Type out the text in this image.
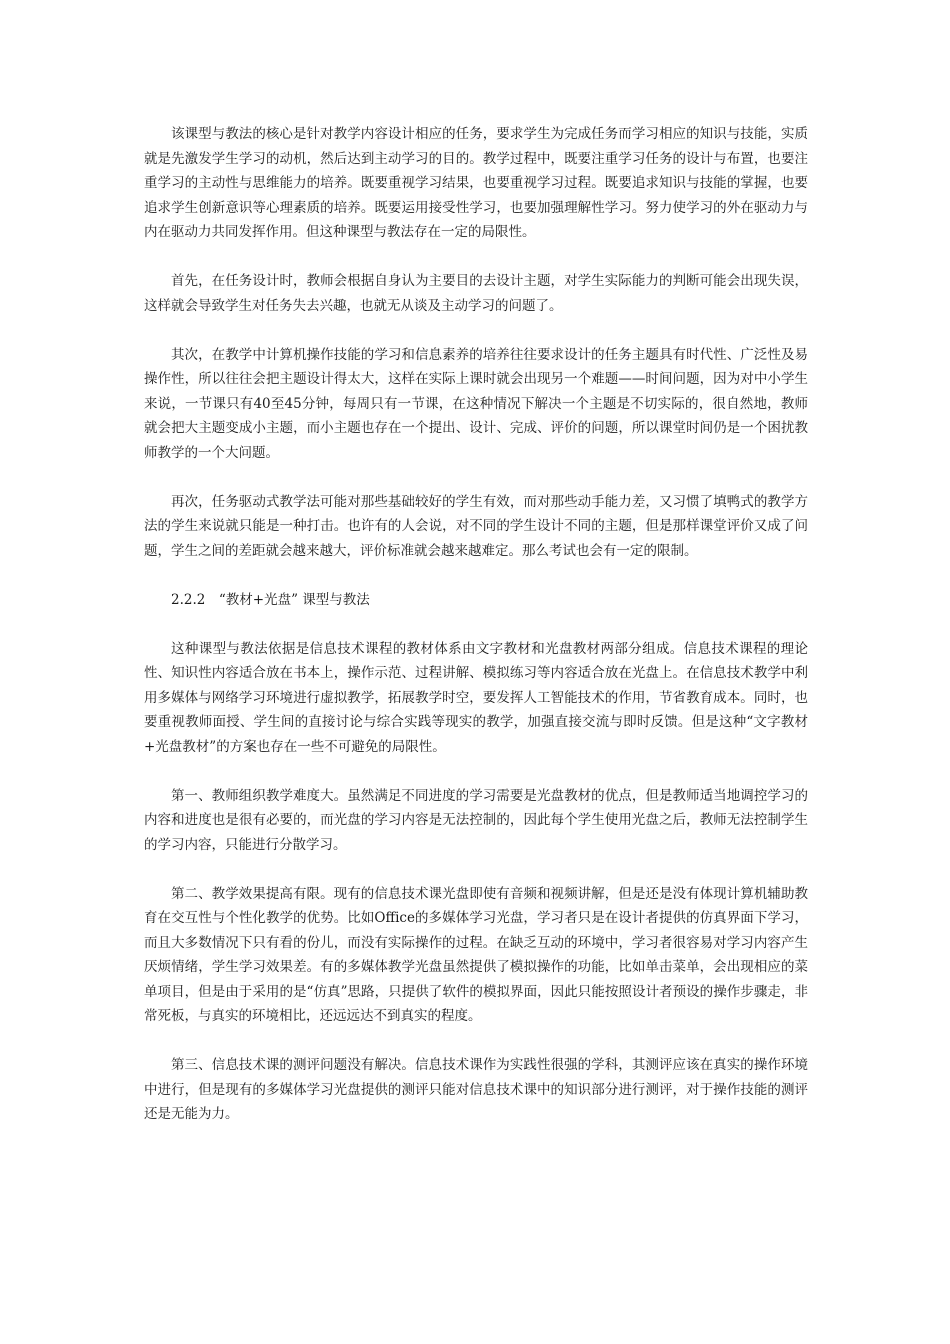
该课型与教法的核心是针对教学内容设计相应的任务，要求学生为完成任务而学习相应的知识与技能，实质就是先激发学生学习的动机，然后达到主动学习的目的。教学过程中，既要注重学习任务的设计与布置，也要注重学习的主动性与思维能力的培养。既要重视学习结果，也要重视学习过程。既要追求知识与技能的掌握，也要追求学生创新意识等心理素质的培养。既要运用接受性学习，也要加强理解性学习。努力使学习的外在驱动力与内在驱动力共同发挥作用。但这种课型与教法存在一定的局限性。

首先，在任务设计时，教师会根据自身认为主要目的去设计主题，对学生实际能力的判断可能会出现失误，这样就会导致学生对任务失去兴趣，也就无从谈及主动学习的问题了。

其次，在教学中计算机操作技能的学习和信息素养的培养往往要求设计的任务主题具有时代性、广泛性及易操作性，所以往往会把主题设计得太大，这样在实际上课时就会出现另一个难题——时间问题，因为对中小学生来说，一节课只有40至45分钟，每周只有一节课，在这种情况下解决一个主题是不切实际的，很自然地，教师就会把大主题变成小主题，而小主题也存在一个提出、设计、完成、评价的问题，所以课堂时间仍是一个困扰教师教学的一个大问题。

再次，任务驱动式教学法可能对那些基础较好的学生有效，而对那些动手能力差，又习惯了填鸭式的教学方法的学生来说就只能是一种打击。也许有的人会说，对不同的学生设计不同的主题，但是那样课堂评价又成了问题，学生之间的差距就会越来越大，评价标准就会越来越难定。那么考试也会有一定的限制。

2.2.2　“教材+光盘” 课型与教法

这种课型与教法依据是信息技术课程的教材体系由文字教材和光盘教材两部分组成。信息技术课程的理论性、知识性内容适合放在书本上，操作示范、过程讲解、模拟练习等内容适合放在光盘上。在信息技术教学中利用多媒体与网络学习环境进行虚拟教学，拓展教学时空，要发挥人工智能技术的作用，节省教育成本。同时，也要重视教师面授、学生间的直接讨论与综合实践等现实的教学，加强直接交流与即时反馈。但是这种“文字教材+光盘教材”的方案也存在一些不可避免的局限性。

第一、教师组织教学难度大。虽然满足不同进度的学习需要是光盘教材的优点，但是教师适当地调控学习的内容和进度也是很有必要的，而光盘的学习内容是无法控制的，因此每个学生使用光盘之后，教师无法控制学生的学习内容，只能进行分散学习。

第二、教学效果提高有限。现有的信息技术课光盘即使有音频和视频讲解，但是还是没有体现计算机辅助教育在交互性与个性化教学的优势。比如Office的多媒体学习光盘，学习者只是在设计者提供的仿真界面下学习，而且大多数情况下只有看的份儿，而没有实际操作的过程。在缺乏互动的环境中，学习者很容易对学习内容产生厌烦情绪，学生学习效果差。有的多媒体教学光盘虽然提供了模拟操作的功能，比如单击菜单，会出现相应的菜单项目，但是由于采用的是“仿真”思路，只提供了软件的模拟界面，因此只能按照设计者预设的操作步骤走，非常死板，与真实的环境相比，还远远达不到真实的程度。

第三、信息技术课的测评问题没有解决。信息技术课作为实践性很强的学科，其测评应该在真实的操作环境中进行，但是现有的多媒体学习光盘提供的测评只能对信息技术课中的知识部分进行测评，对于操作技能的测评还是无能为力。
